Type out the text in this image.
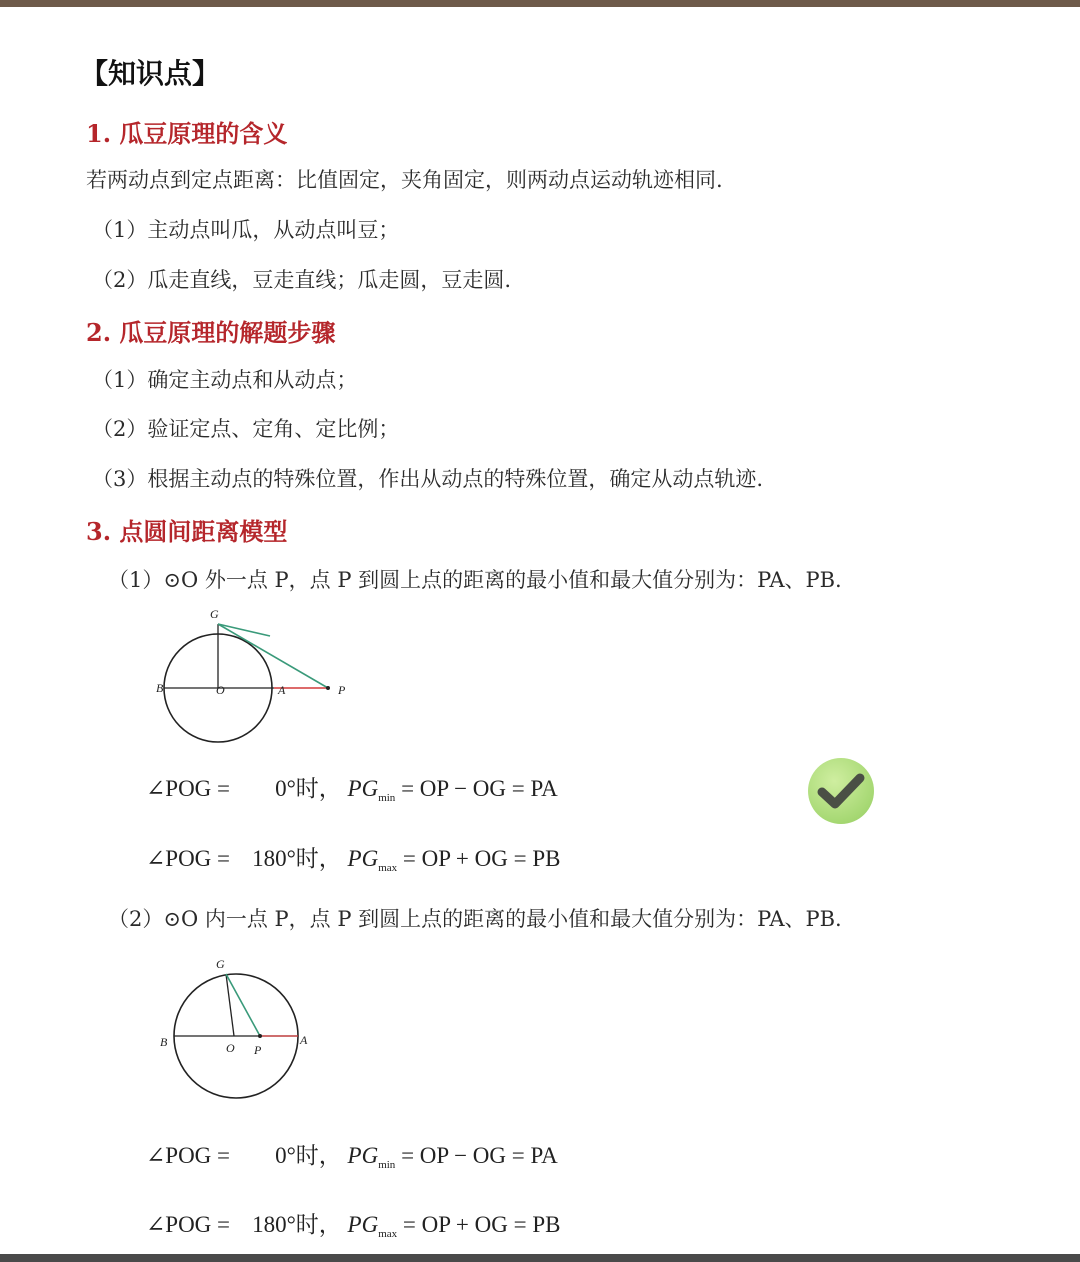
【知识点】
1. 瓜豆原理的含义
若两动点到定点距离：比值固定，夹角固定，则两动点运动轨迹相同.
（1）主动点叫瓜，从动点叫豆；
（2）瓜走直线，豆走直线；瓜走圆，豆走圆.
2. 瓜豆原理的解题步骤
（1）确定主动点和从动点；
（2）验证定点、定角、定比例；
（3）根据主动点的特殊位置，作出从动点的特殊位置，确定从动点轨迹.
3. 点圆间距离模型
（1）⊙O 外一点 P，点 P 到圆上点的距离的最小值和最大值分别为：PA、PB.
G
B	O	A	P
∠POG = 0°时， $PG_{min}$ = OP − OG = PA
∠POG = 180°时， $PG_{max}$ = OP + OG = PB
（2）⊙O 内一点 P，点 P 到圆上点的距离的最小值和最大值分别为：PA、PB.
G
B	O P
A
∠POG = 0°时， $PG_{min}$ = OP − OG = PA
∠POG = 180°时， $PG_{max}$ = OP + OG = PB
